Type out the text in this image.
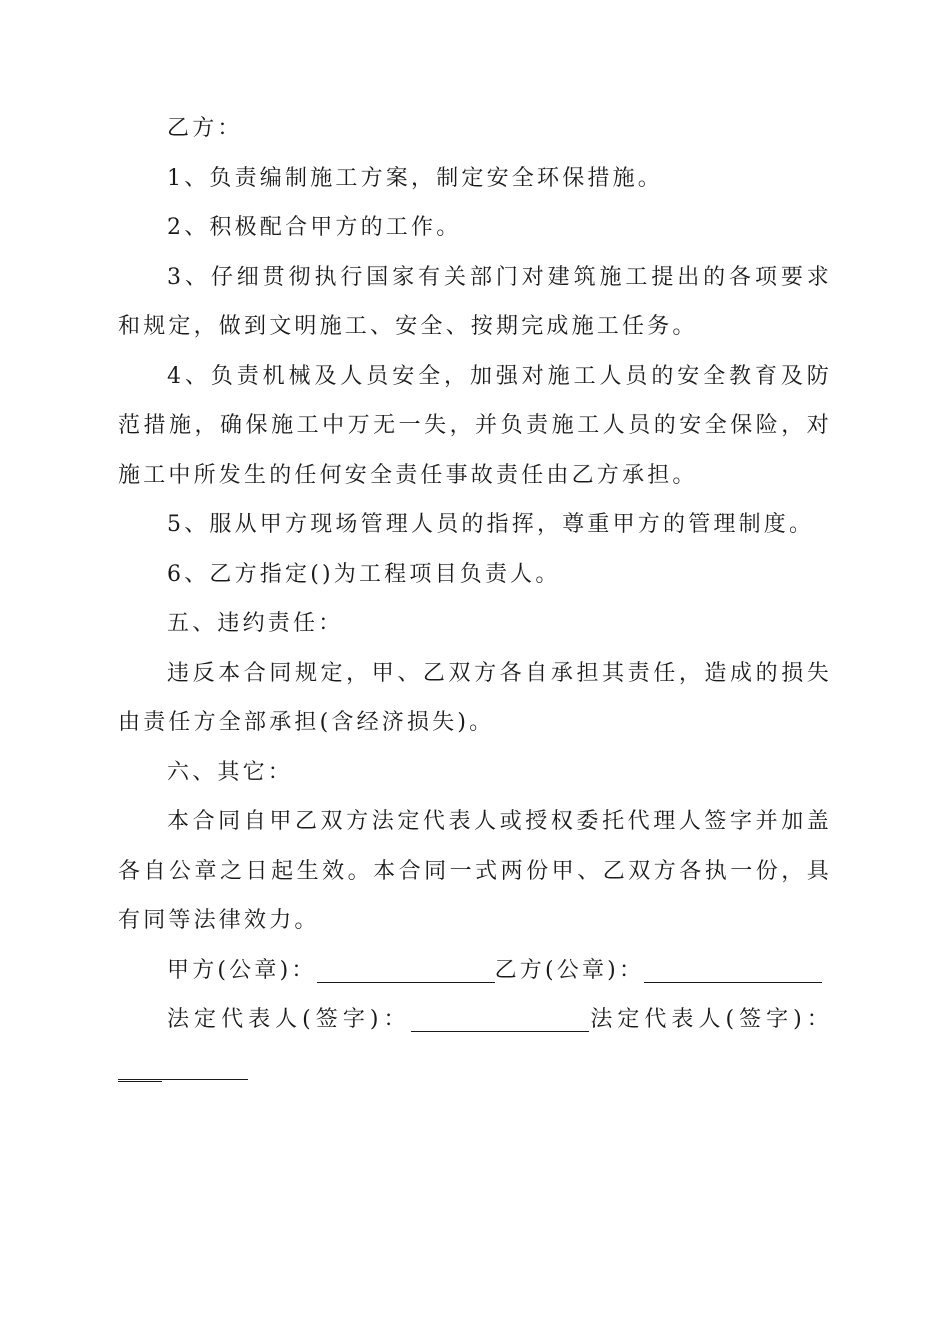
乙方：

1、负责编制施工方案，制定安全环保措施。

2、积极配合甲方的工作。

3、仔细贯彻执行国家有关部门对建筑施工提出的各项要求和规定，做到文明施工、安全、按期完成施工任务。

4、负责机械及人员安全，加强对施工人员的安全教育及防范措施，确保施工中万无一失，并负责施工人员的安全保险，对施工中所发生的任何安全责任事故责任由乙方承担。

5、服从甲方现场管理人员的指挥，尊重甲方的管理制度。

6、乙方指定()为工程项目负责人。

五、违约责任：

违反本合同规定，甲、乙双方各自承担其责任，造成的损失由责任方全部承担(含经济损失)。

六、其它：

本合同自甲乙双方法定代表人或授权委托代理人签字并加盖各自公章之日起生效。本合同一式两份甲、乙双方各执一份，具有同等法律效力。

甲方(公章)：	乙方(公章)：

法定代表人(签字)：	法定代表人(签字)：
